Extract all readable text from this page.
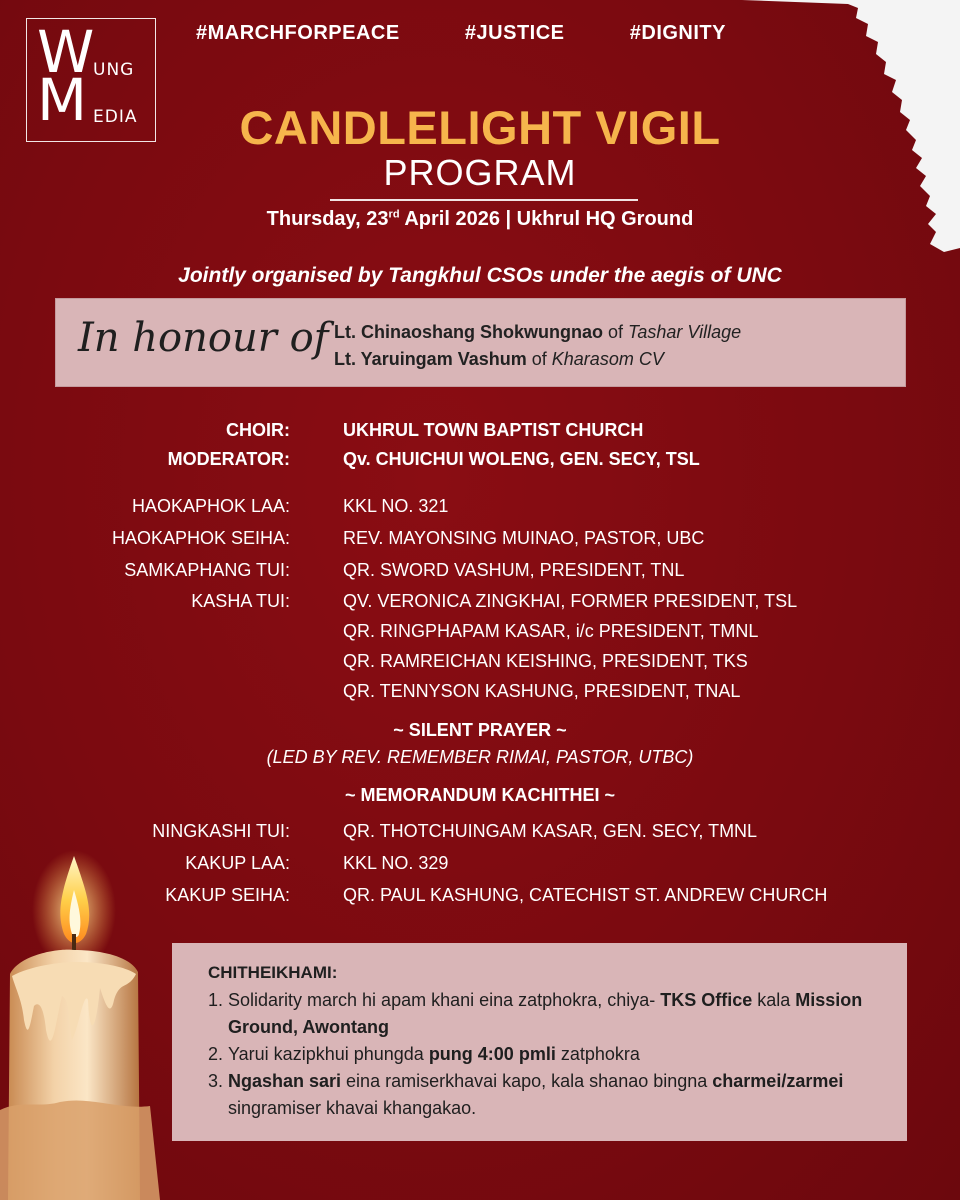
W
UNG
M EDIA
#MARCHFORPEACE	#JUSTICE	#DIGNITY
CANDLELIGHT VIGIL
PROGRAM
Thursday, 23rd April 2026 | Ukhrul HQ Ground
Jointly organised by Tangkhul CSOs under the aegis of UNC
In honour of Lt. Chinaoshang Shokwungnao of Tashar Village
Lt. Yaruingam Vashum of Kharasom CV
CHOIR:	UKHRUL TOWN BAPTIST CHURCH
MODERATOR:	Qv. CHUICHUI WOLENG, GEN. SECY, TSL
HAOKAPHOK LAA:	KKL NO. 321
HAOKAPHOK SEIHA:	REV. MAYONSING MUINAO, PASTOR, UBC
SAMKAPHANG TUI:	QR. SWORD VASHUM, PRESIDENT, TNL
KASHA TUI:	QV. VERONICA ZINGKHAI, FORMER PRESIDENT, TSL
QR. RINGPHAPAM KASAR, i/c PRESIDENT, TMNL
QR. RAMREICHAN KEISHING, PRESIDENT, TKS
QR. TENNYSON KASHUNG, PRESIDENT, TNAL
~ SILENT PRAYER ~
(LED BY REV. REMEMBER RIMAI, PASTOR, UTBC)
~ MEMORANDUM KACHITHEI ~
NINGKASHI TUI:	QR. THOTCHUINGAM KASAR, GEN. SECY, TMNL
KAKUP LAA:	KKL NO. 329
KAKUP SEIHA:	QR. PAUL KASHUNG, CATECHIST ST. ANDREW CHURCH
CHITHEIKHAMI:
1. Solidarity march hi apam khani eina zatphokra, chiya- TKS Office kala Mission Ground, Awontang
2. Yarui kazipkhui phungda pung 4:00 pmli zatphokra
3. Ngashan sari eina ramiserkhavai kapo, kala shanao bingna charmei/zarmei singramiser khavai khangakao.
